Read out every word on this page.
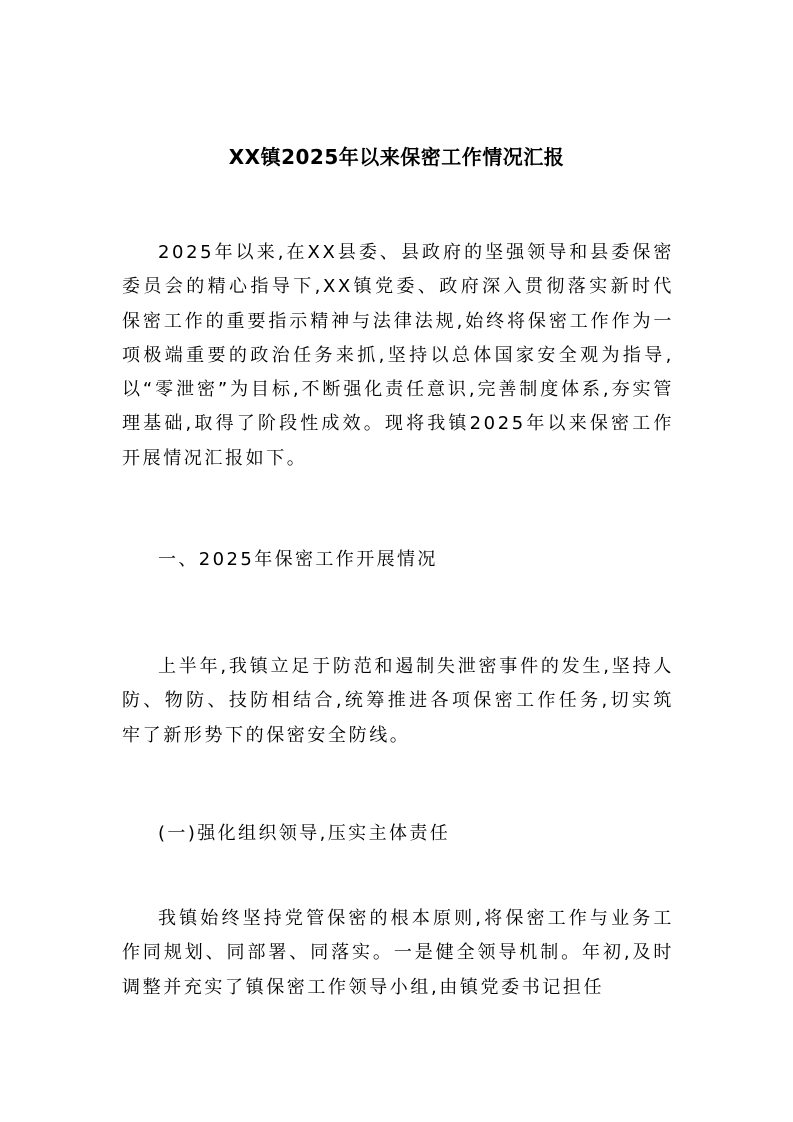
XX镇2025年以来保密工作情况汇报

2025年以来,在XX县委、县政府的坚强领导和县委保密委员会的精心指导下,XX镇党委、政府深入贯彻落实新时代保密工作的重要指示精神与法律法规,始终将保密工作作为一项极端重要的政治任务来抓,坚持以总体国家安全观为指导,以“零泄密”为目标,不断强化责任意识,完善制度体系,夯实管理基础,取得了阶段性成效。现将我镇2025年以来保密工作开展情况汇报如下。

一、2025年保密工作开展情况

上半年,我镇立足于防范和遏制失泄密事件的发生,坚持人防、物防、技防相结合,统筹推进各项保密工作任务,切实筑牢了新形势下的保密安全防线。

(一)强化组织领导,压实主体责任

我镇始终坚持党管保密的根本原则,将保密工作与业务工作同规划、同部署、同落实。一是健全领导机制。年初,及时调整并充实了镇保密工作领导小组,由镇党委书记担任
